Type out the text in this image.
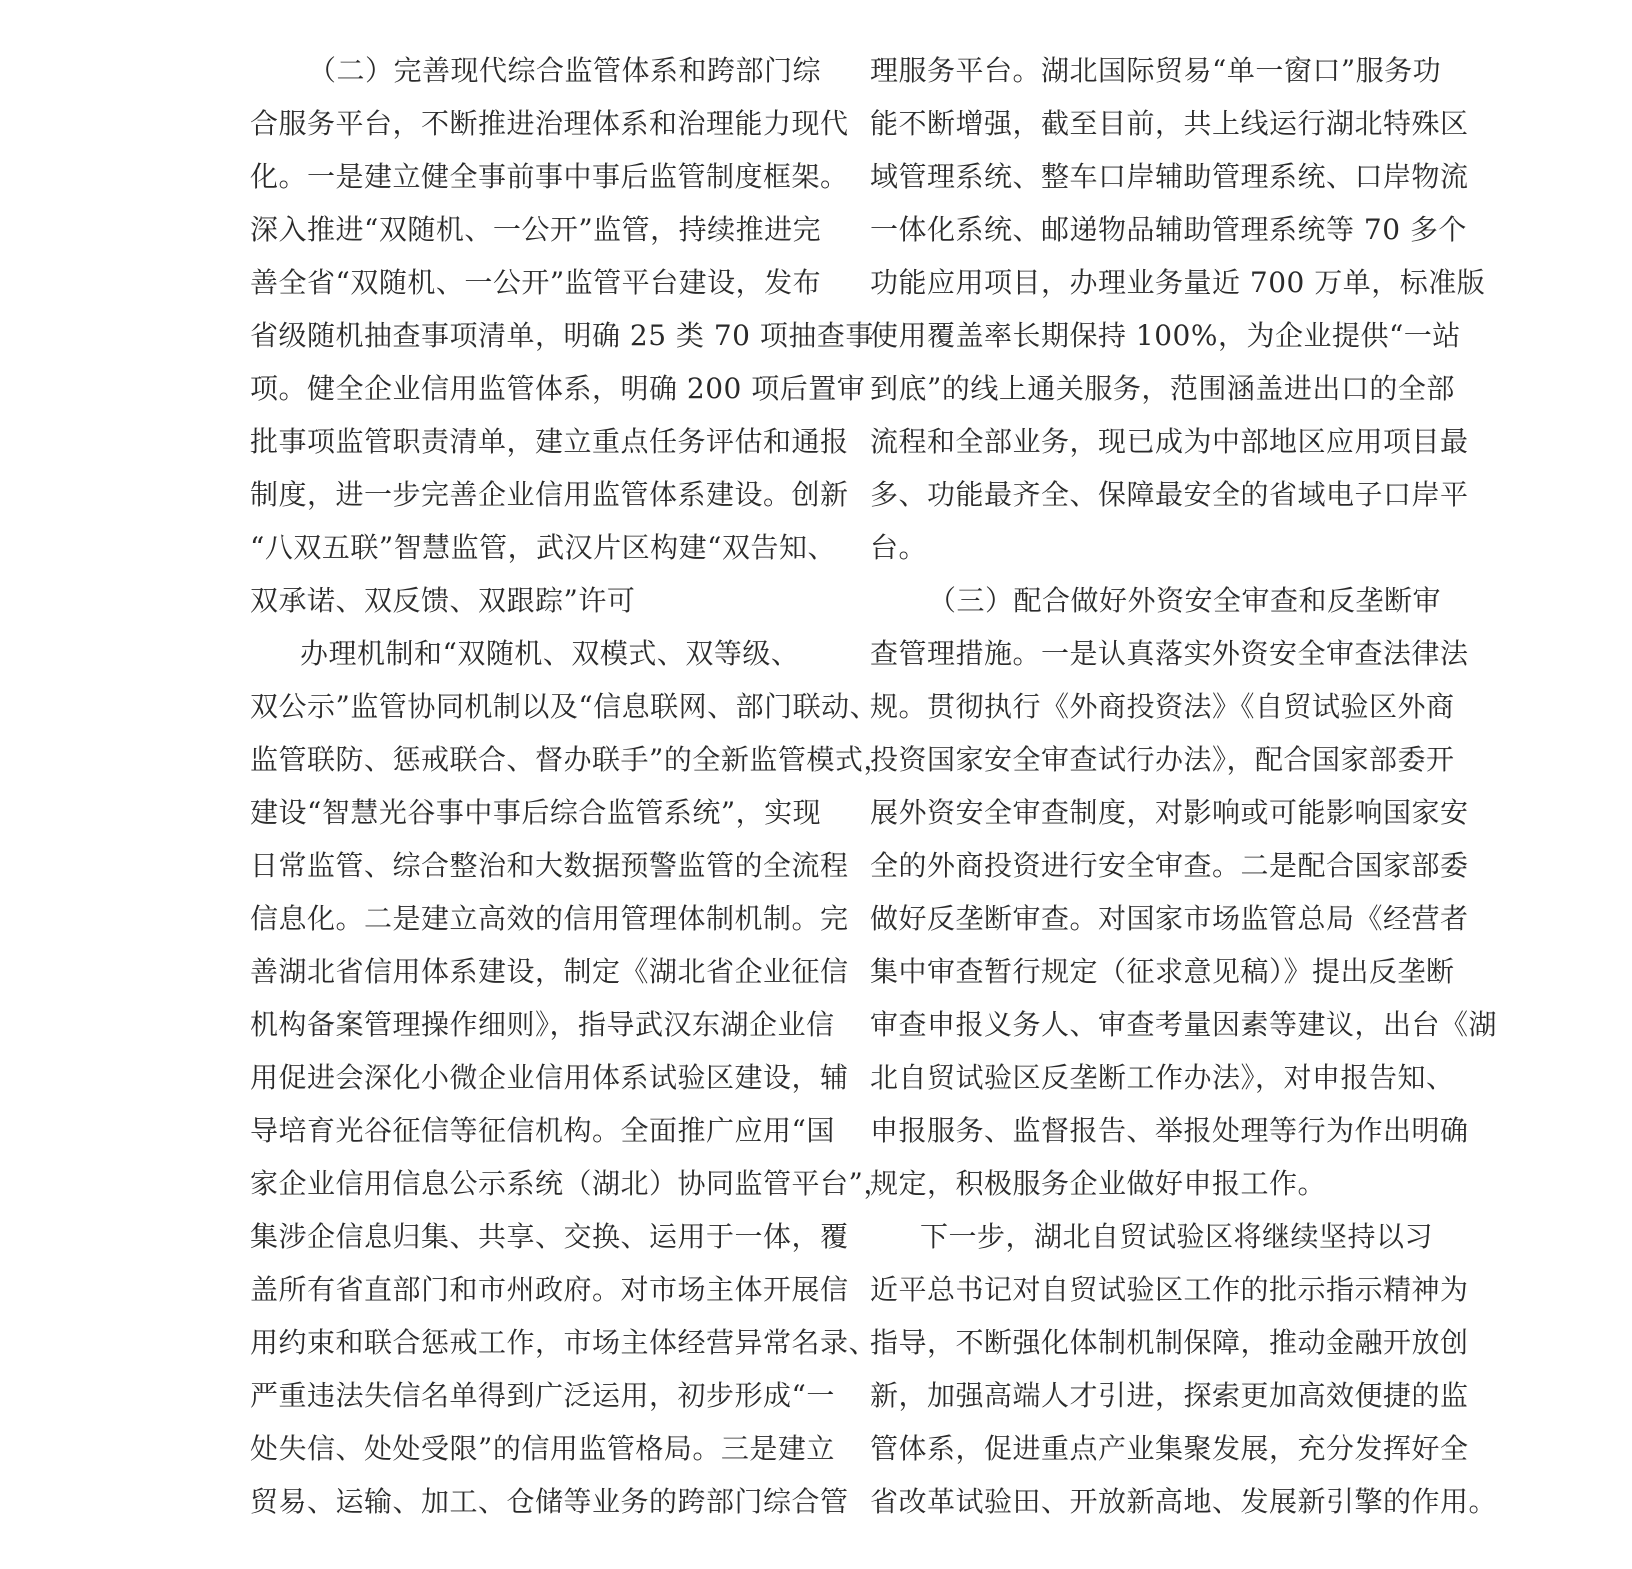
（二）完善现代综合监管体系和跨部门综
合服务平台，不断推进治理体系和治理能力现代
化。一是建立健全事前事中事后监管制度框架。
深入推进“双随机、一公开”监管，持续推进完
善全省“双随机、一公开”监管平台建设，发布
省级随机抽查事项清单，明确 25 类 70 项抽查事
项。健全企业信用监管体系，明确 200 项后置审
批事项监管职责清单，建立重点任务评估和通报
制度，进一步完善企业信用监管体系建设。创新
“八双五联”智慧监管，武汉片区构建“双告知、
双承诺、双反馈、双跟踪”许可
办理机制和“双随机、双模式、双等级、
双公示”监管协同机制以及“信息联网、部门联动、
监管联防、惩戒联合、督办联手”的全新监管模式，
建设“智慧光谷事中事后综合监管系统”，实现
日常监管、综合整治和大数据预警监管的全流程
信息化。二是建立高效的信用管理体制机制。完
善湖北省信用体系建设，制定《湖北省企业征信
机构备案管理操作细则》，指导武汉东湖企业信
用促进会深化小微企业信用体系试验区建设，辅
导培育光谷征信等征信机构。全面推广应用“国
家企业信用信息公示系统（湖北）协同监管平台”，
集涉企信息归集、共享、交换、运用于一体，覆
盖所有省直部门和市州政府。对市场主体开展信
用约束和联合惩戒工作，市场主体经营异常名录、
严重违法失信名单得到广泛运用，初步形成“一
处失信、处处受限”的信用监管格局。三是建立
贸易、运输、加工、仓储等业务的跨部门综合管
理服务平台。湖北国际贸易“单一窗口”服务功
能不断增强，截至目前，共上线运行湖北特殊区
域管理系统、整车口岸辅助管理系统、口岸物流
一体化系统、邮递物品辅助管理系统等 70 多个
功能应用项目，办理业务量近 700 万单，标准版
使用覆盖率长期保持 100%，为企业提供“一站
到底”的线上通关服务，范围涵盖进出口的全部
流程和全部业务，现已成为中部地区应用项目最
多、功能最齐全、保障最安全的省域电子口岸平
台。
（三）配合做好外资安全审查和反垄断审
查管理措施。一是认真落实外资安全审查法律法
规。贯彻执行《外商投资法》《自贸试验区外商
投资国家安全审查试行办法》，配合国家部委开
展外资安全审查制度，对影响或可能影响国家安
全的外商投资进行安全审查。二是配合国家部委
做好反垄断审查。对国家市场监管总局《经营者
集中审查暂行规定（征求意见稿）》提出反垄断
审查申报义务人、审查考量因素等建议，出台《湖
北自贸试验区反垄断工作办法》，对申报告知、
申报服务、监督报告、举报处理等行为作出明确
规定，积极服务企业做好申报工作。
下一步，湖北自贸试验区将继续坚持以习
近平总书记对自贸试验区工作的批示指示精神为
指导，不断强化体制机制保障，推动金融开放创
新，加强高端人才引进，探索更加高效便捷的监
管体系，促进重点产业集聚发展，充分发挥好全
省改革试验田、开放新高地、发展新引擎的作用。
